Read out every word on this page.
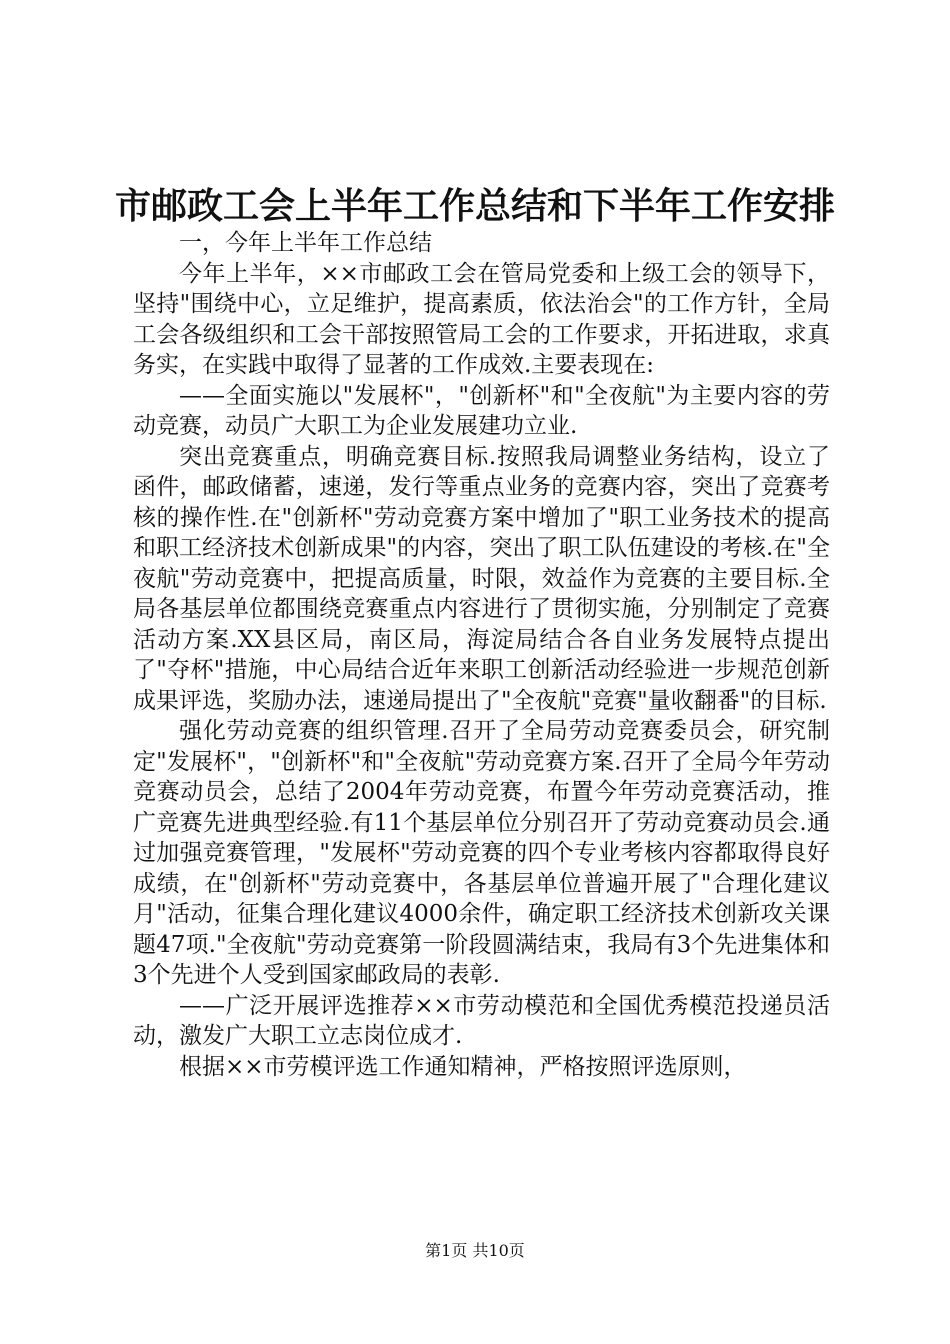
市邮政工会上半年工作总结和下半年工作安排

一，今年上半年工作总结

今年上半年，××市邮政工会在管局党委和上级工会的领导下，坚持"围绕中心，立足维护，提高素质，依法治会"的工作方针，全局工会各级组织和工会干部按照管局工会的工作要求，开拓进取，求真务实，在实践中取得了显著的工作成效.主要表现在:

——全面实施以"发展杯"，"创新杯"和"全夜航"为主要内容的劳动竞赛，动员广大职工为企业发展建功立业.

突出竞赛重点，明确竞赛目标.按照我局调整业务结构，设立了函件，邮政储蓄，速递，发行等重点业务的竞赛内容，突出了竞赛考核的操作性.在"创新杯"劳动竞赛方案中增加了"职工业务技术的提高和职工经济技术创新成果"的内容，突出了职工队伍建设的考核.在"全夜航"劳动竞赛中，把提高质量，时限，效益作为竞赛的主要目标.全局各基层单位都围绕竞赛重点内容进行了贯彻实施，分别制定了竞赛活动方案.XX县区局，南区局，海淀局结合各自业务发展特点提出了"夺杯"措施，中心局结合近年来职工创新活动经验进一步规范创新成果评选，奖励办法，速递局提出了"全夜航"竞赛"量收翻番"的目标.

强化劳动竞赛的组织管理.召开了全局劳动竞赛委员会，研究制定"发展杯"，"创新杯"和"全夜航"劳动竞赛方案.召开了全局今年劳动竞赛动员会，总结了2004年劳动竞赛，布置今年劳动竞赛活动，推广竞赛先进典型经验.有11个基层单位分别召开了劳动竞赛动员会.通过加强竞赛管理，"发展杯"劳动竞赛的四个专业考核内容都取得良好成绩，在"创新杯"劳动竞赛中，各基层单位普遍开展了"合理化建议月"活动，征集合理化建议4000余件，确定职工经济技术创新攻关课题47项."全夜航"劳动竞赛第一阶段圆满结束，我局有3个先进集体和3个先进个人受到国家邮政局的表彰.

——广泛开展评选推荐××市劳动模范和全国优秀模范投递员活动，激发广大职工立志岗位成才.

根据××市劳模评选工作通知精神，严格按照评选原则，

第1页 共10页
